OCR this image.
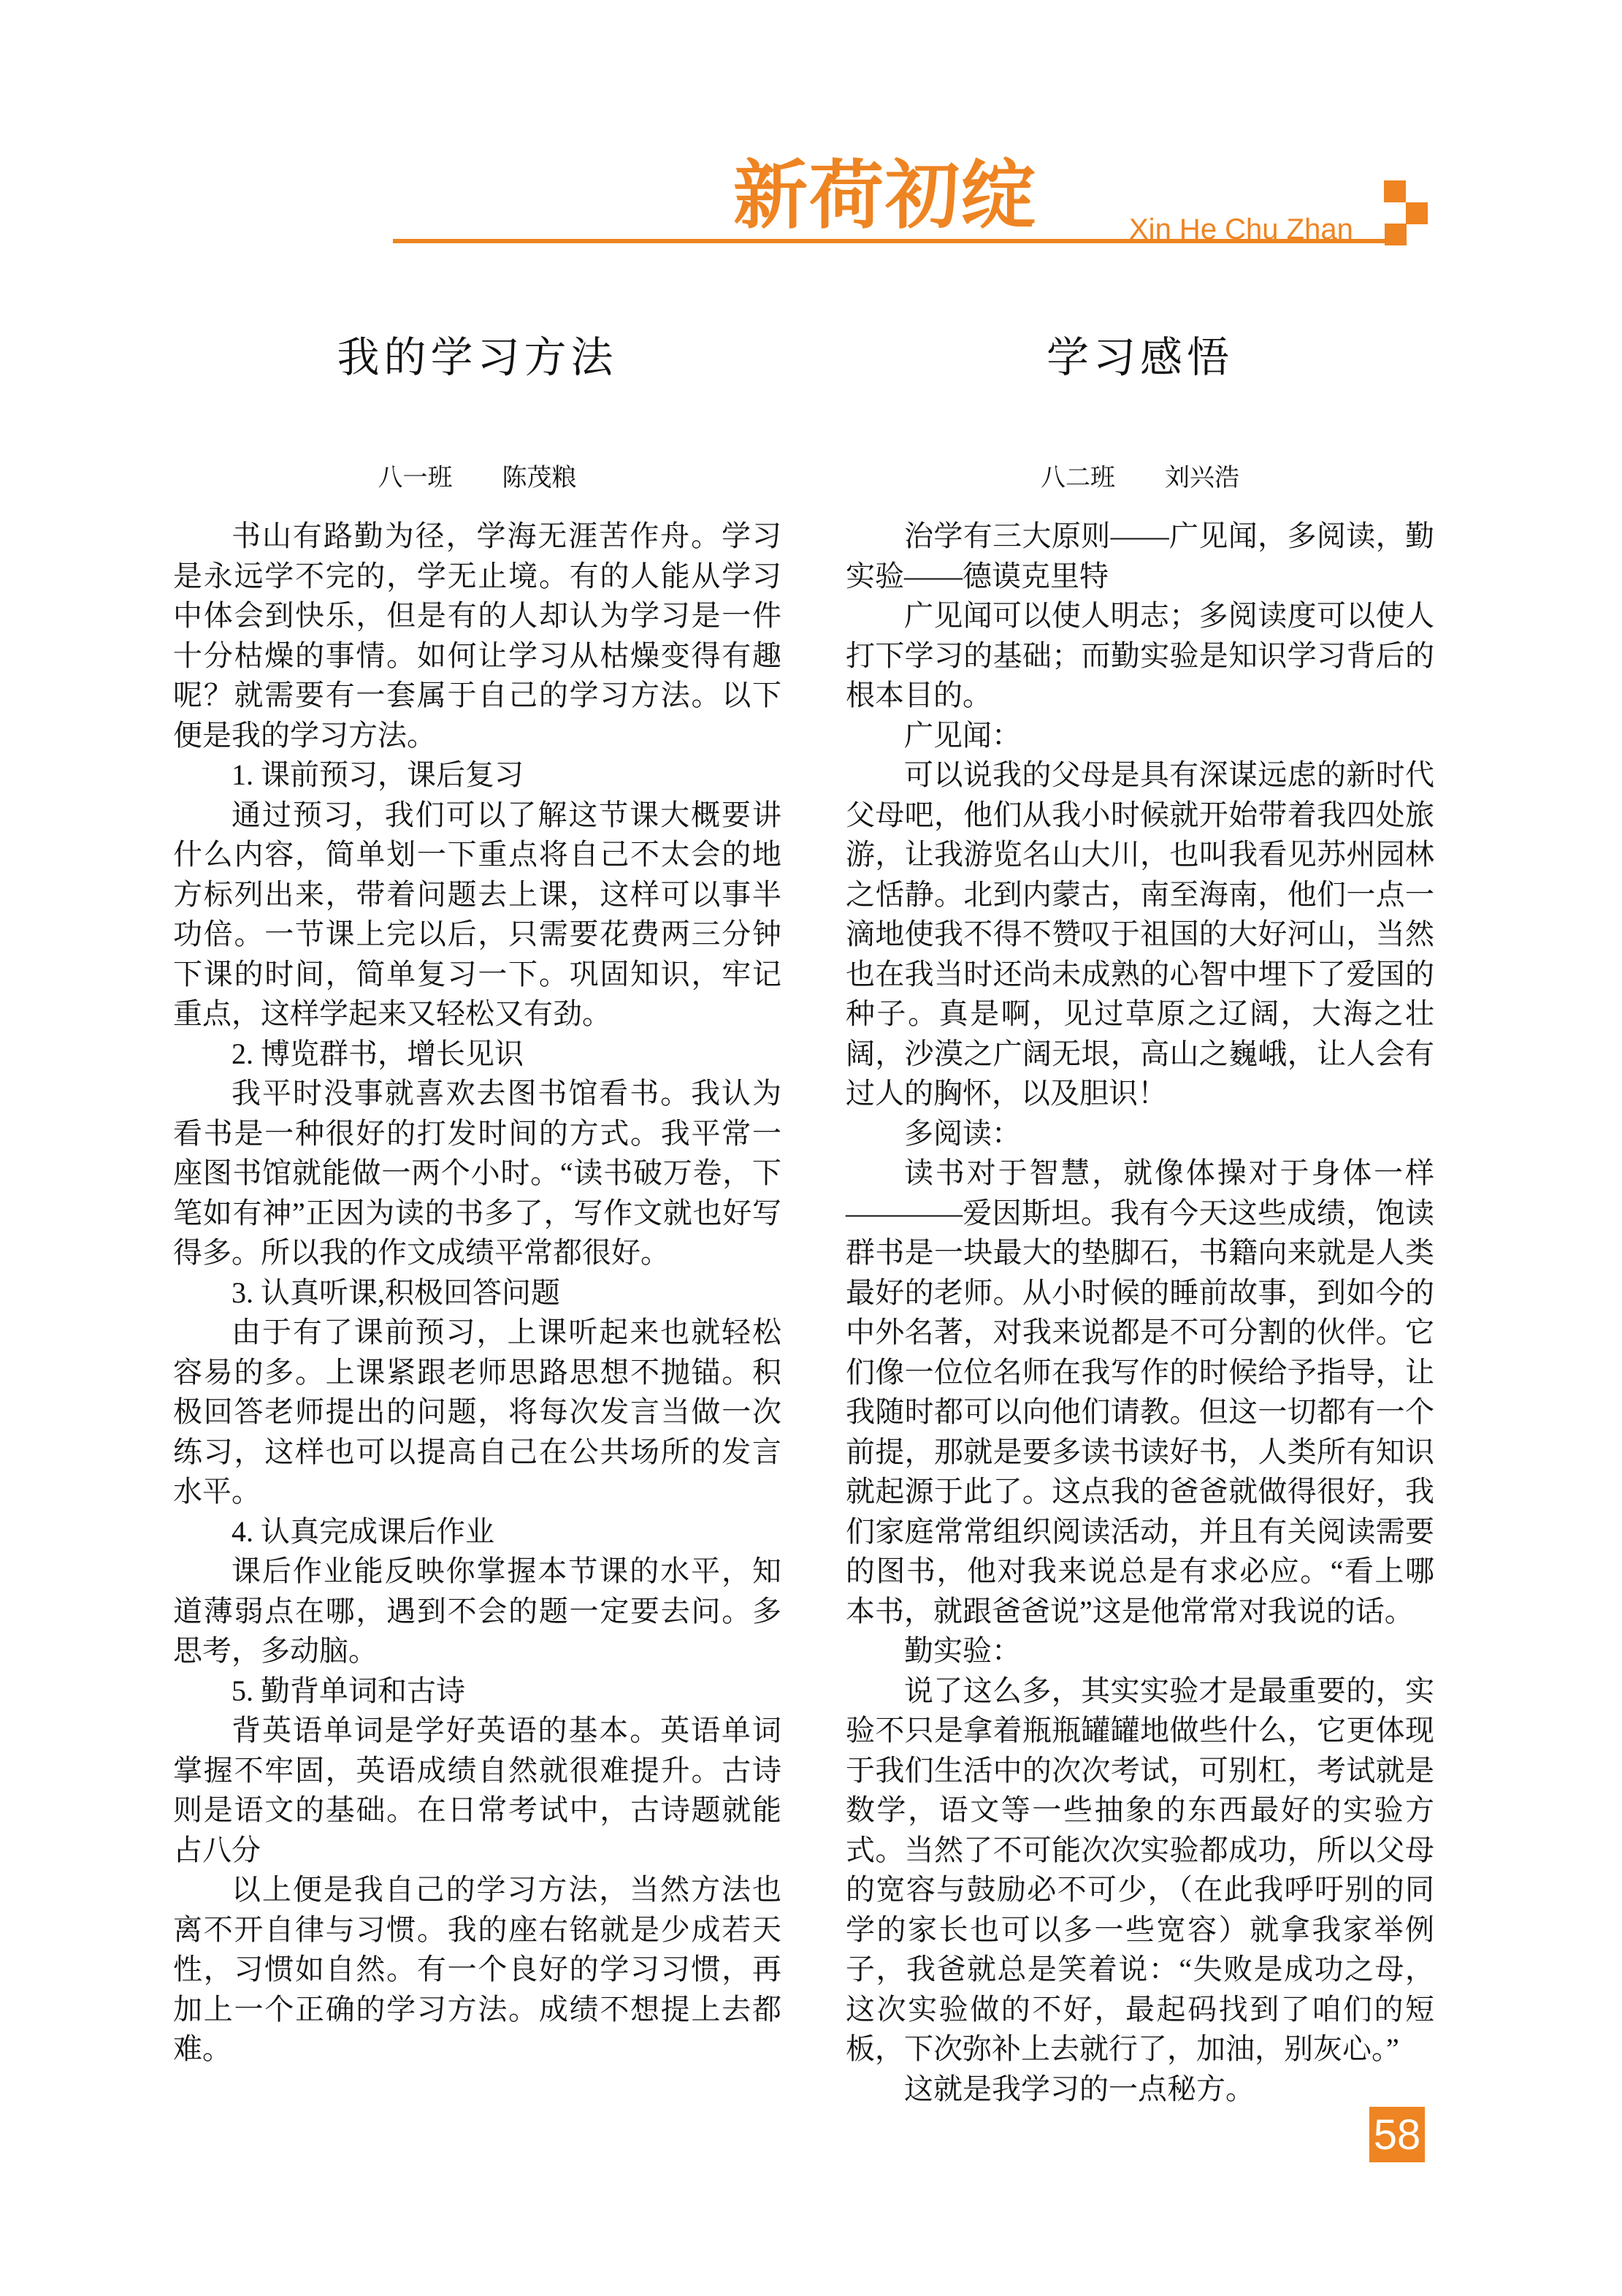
新荷初绽	Xin He Chu Zhan
我的学习方法
八一班　　陈茂粮

书山有路勤为径，学海无涯苦作舟。学习是永远学不完的，学无止境。有的人能从学习中体会到快乐，但是有的人却认为学习是一件十分枯燥的事情。如何让学习从枯燥变得有趣呢？就需要有一套属于自己的学习方法。以下便是我的学习方法。

1. 课前预习，课后复习

通过预习，我们可以了解这节课大概要讲什么内容，简单划一下重点将自己不太会的地方标列出来，带着问题去上课，这样可以事半功倍。一节课上完以后，只需要花费两三分钟下课的时间，简单复习一下。巩固知识，牢记重点，这样学起来又轻松又有劲。

2. 博览群书，增长见识

我平时没事就喜欢去图书馆看书。我认为看书是一种很好的打发时间的方式。我平常一座图书馆就能做一两个小时。“读书破万卷，下笔如有神”正因为读的书多了，写作文就也好写得多。所以我的作文成绩平常都很好。

3. 认真听课,积极回答问题

由于有了课前预习，上课听起来也就轻松容易的多。上课紧跟老师思路思想不抛锚。积极回答老师提出的问题，将每次发言当做一次练习，这样也可以提高自己在公共场所的发言水平。

4. 认真完成课后作业

课后作业能反映你掌握本节课的水平，知道薄弱点在哪，遇到不会的题一定要去问。多思考，多动脑。

5. 勤背单词和古诗

背英语单词是学好英语的基本。英语单词掌握不牢固，英语成绩自然就很难提升。古诗则是语文的基础。在日常考试中，古诗题就能占八分

以上便是我自己的学习方法，当然方法也离不开自律与习惯。我的座右铭就是少成若天性，习惯如自然。有一个良好的学习习惯，再加上一个正确的学习方法。成绩不想提上去都难。

学习感悟
八二班　　刘兴浩

治学有三大原则——广见闻，多阅读，勤实验——德谟克里特

广见闻可以使人明志；多阅读度可以使人打下学习的基础；而勤实验是知识学习背后的根本目的。

广见闻：

可以说我的父母是具有深谋远虑的新时代父母吧，他们从我小时候就开始带着我四处旅游，让我游览名山大川，也叫我看见苏州园林之恬静。北到内蒙古，南至海南，他们一点一滴地使我不得不赞叹于祖国的大好河山，当然也在我当时还尚未成熟的心智中埋下了爱国的种子。真是啊，见过草原之辽阔，大海之壮阔，沙漠之广阔无垠，高山之巍峨，让人会有过人的胸怀，以及胆识！

多阅读：

读书对于智慧，就像体操对于身体一样————爱因斯坦。我有今天这些成绩，饱读群书是一块最大的垫脚石，书籍向来就是人类最好的老师。从小时候的睡前故事，到如今的中外名著，对我来说都是不可分割的伙伴。它们像一位位名师在我写作的时候给予指导，让我随时都可以向他们请教。但这一切都有一个前提，那就是要多读书读好书，人类所有知识就起源于此了。这点我的爸爸就做得很好，我们家庭常常组织阅读活动，并且有关阅读需要的图书，他对我来说总是有求必应。“看上哪本书，就跟爸爸说”这是他常常对我说的话。

勤实验：

说了这么多，其实实验才是最重要的，实验不只是拿着瓶瓶罐罐地做些什么，它更体现于我们生活中的次次考试，可别杠，考试就是数学，语文等一些抽象的东西最好的实验方式。当然了不可能次次实验都成功，所以父母的宽容与鼓励必不可少，（在此我呼吁别的同学的家长也可以多一些宽容）就拿我家举例子，我爸就总是笑着说：“失败是成功之母，这次实验做的不好，最起码找到了咱们的短板，下次弥补上去就行了，加油，别灰心。”

这就是我学习的一点秘方。

58
